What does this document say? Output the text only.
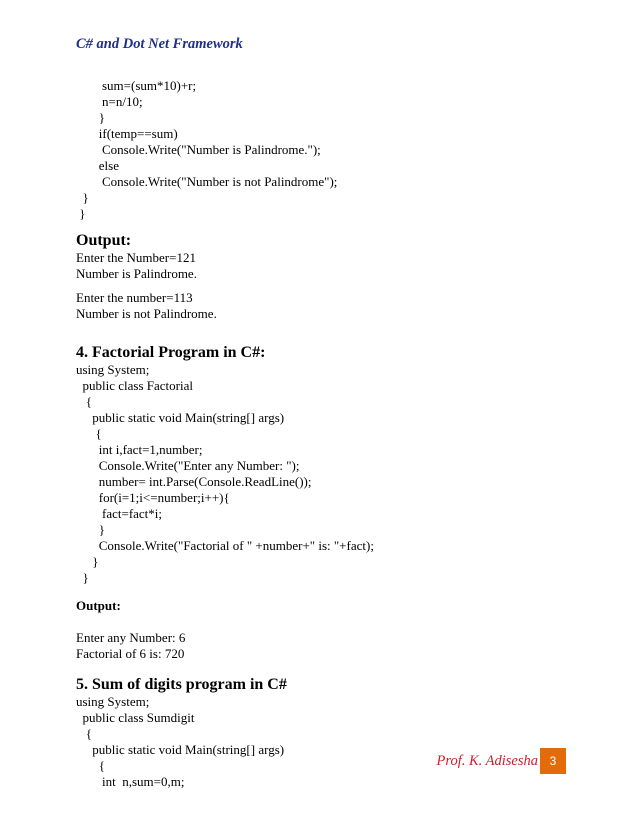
C# and Dot Net Framework
sum=(sum*10)+r;
n=n/10;
}
if(temp==sum)
Console.Write("Number is Palindrome.");
else
Console.Write("Number is not Palindrome");
}
}
Output:
Enter the Number=121
Number is Palindrome.
Enter the number=113
Number is not Palindrome.
4. Factorial Program in C#:
using System;
public class Factorial
{
public static void Main(string[] args)
{
int i,fact=1,number;
Console.Write("Enter any Number: ");
number= int.Parse(Console.ReadLine());
for(i=1;i<=number;i++){
fact=fact*i;
}
Console.Write("Factorial of " +number+" is: "+fact);
}
}
Output:
Enter any Number: 6
Factorial of 6 is: 720
5. Sum of digits program in C#
using System;
public class Sumdigit
{
public static void Main(string[] args)
{
int  n,sum=0,m;
Prof. K. Adisesha 3
